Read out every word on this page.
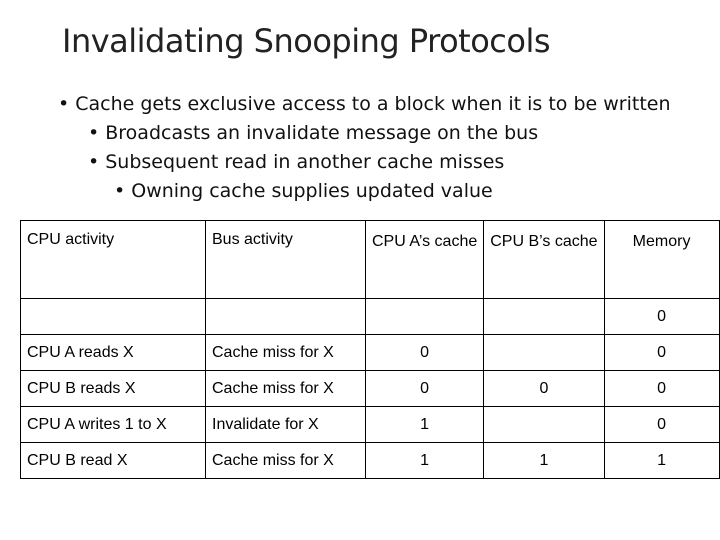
Invalidating Snooping Protocols
• Cache gets exclusive access to a block when it is to be written
• Broadcasts an invalidate message on the bus
• Subsequent read in another cache misses
• Owning cache supplies updated value
CPU activity	Bus activity	CPU A’s cache	CPU B’s cache	Memory
				0
CPU A reads X	Cache miss for X	0		0
CPU B reads X	Cache miss for X	0	0	0
CPU A writes 1 to X	Invalidate for X	1		0
CPU B read X	Cache miss for X	1	1	1
